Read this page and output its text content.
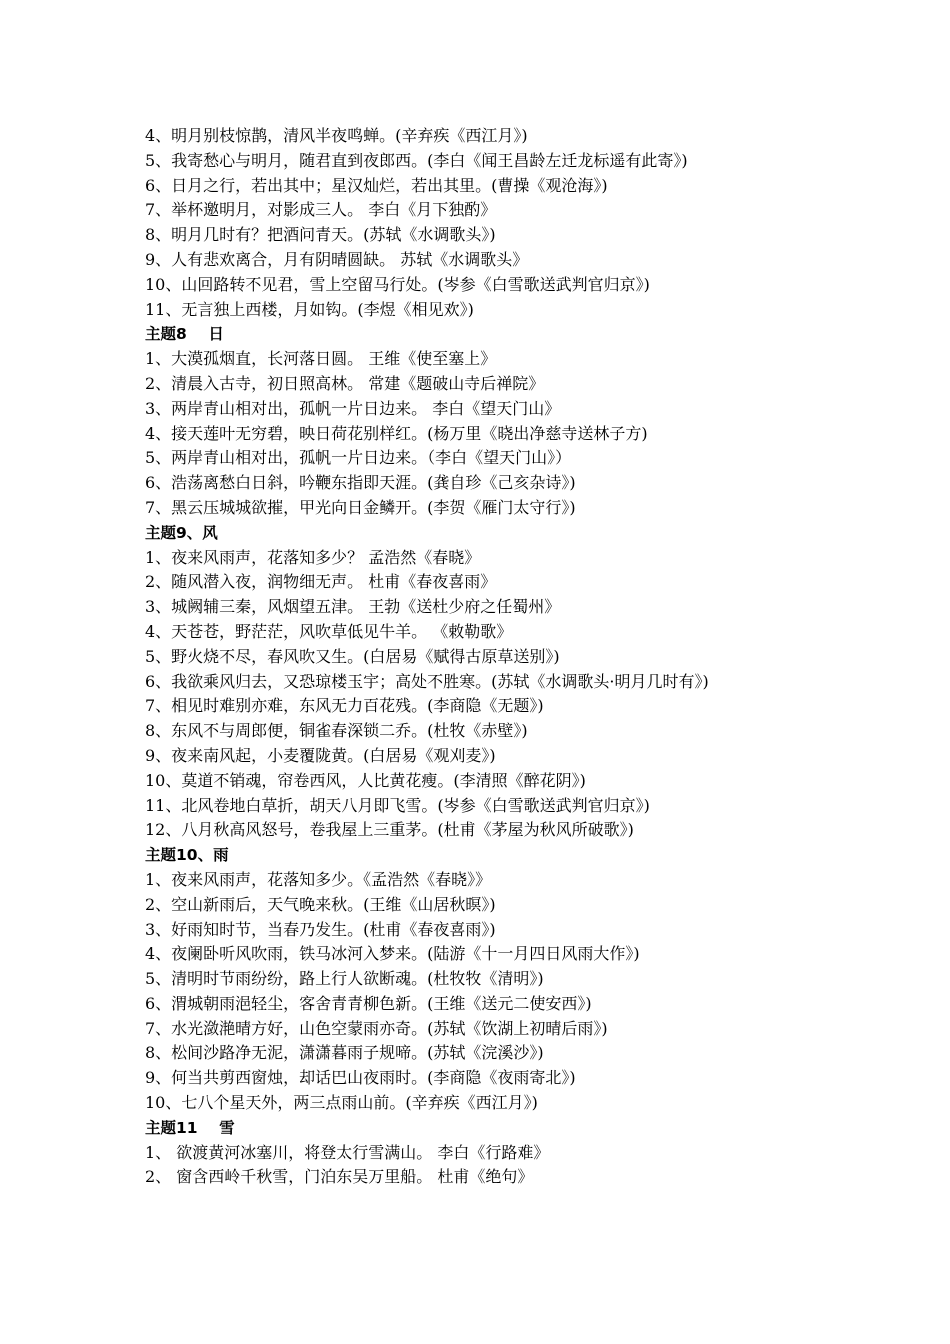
4、明月别枝惊鹊，清风半夜鸣蝉。(辛弃疾《西江月》)
5、我寄愁心与明月，随君直到夜郎西。(李白《闻王昌龄左迁龙标遥有此寄》)
6、日月之行，若出其中；星汉灿烂，若出其里。(曹操《观沧海》)
7、举杯邀明月，对影成三人。 李白《月下独酌》
8、明月几时有？把酒问青天。(苏轼《水调歌头》)
9、人有悲欢离合，月有阴晴圆缺。 苏轼《水调歌头》
10、山回路转不见君，雪上空留马行处。(岑参《白雪歌送武判官归京》)
11、无言独上西楼，月如钩。(李煜《相见欢》)
主题8    日
1、大漠孤烟直，长河落日圆。 王维《使至塞上》
2、清晨入古寺，初日照高林。 常建《题破山寺后禅院》
3、两岸青山相对出，孤帆一片日边来。 李白《望天门山》
4、接天莲叶无穷碧，映日荷花别样红。(杨万里《晓出净慈寺送林子方)
5、两岸青山相对出，孤帆一片日边来。（李白《望天门山》）
6、浩荡离愁白日斜，吟鞭东指即天涯。(龚自珍《己亥杂诗》)
7、黑云压城城欲摧，甲光向日金鳞开。(李贺《雁门太守行》)
主题9、风
1、夜来风雨声，花落知多少？ 孟浩然《春晓》
2、随风潜入夜，润物细无声。 杜甫《春夜喜雨》
3、城阙辅三秦，风烟望五津。 王勃《送杜少府之任蜀州》
4、天苍苍，野茫茫，风吹草低见牛羊。 《敕勒歌》
5、野火烧不尽，春风吹又生。(白居易《赋得古原草送别》)
6、我欲乘风归去，又恐琼楼玉宇；高处不胜寒。(苏轼《水调歌头·明月几时有》)
7、相见时难别亦难，东风无力百花残。(李商隐《无题》)
8、东风不与周郎便，铜雀春深锁二乔。(杜牧《赤壁》)
9、夜来南风起，小麦覆陇黄。(白居易《观刈麦》)
10、莫道不销魂，帘卷西风，人比黄花瘦。(李清照《醉花阴》)
11、北风卷地白草折，胡天八月即飞雪。(岑参《白雪歌送武判官归京》)
12、八月秋高风怒号，卷我屋上三重茅。(杜甫《茅屋为秋风所破歌》)
主题10、雨
1、夜来风雨声，花落知多少。《孟浩然《春晓》》
2、空山新雨后，天气晚来秋。(王维《山居秋暝》)
3、好雨知时节，当春乃发生。(杜甫《春夜喜雨》)
4、夜阑卧听风吹雨，铁马冰河入梦来。(陆游《十一月四日风雨大作》)
5、清明时节雨纷纷，路上行人欲断魂。(杜牧牧《清明》)
6、渭城朝雨浥轻尘，客舍青青柳色新。(王维《送元二使安西》)
7、水光潋滟晴方好，山色空蒙雨亦奇。(苏轼《饮湖上初晴后雨》)
8、松间沙路净无泥，潇潇暮雨子规啼。(苏轼《浣溪沙》)
9、何当共剪西窗烛，却话巴山夜雨时。(李商隐《夜雨寄北》)
10、七八个星天外，两三点雨山前。(辛弃疾《西江月》)
主题11    雪
1、 欲渡黄河冰塞川，将登太行雪满山。 李白《行路难》
2、 窗含西岭千秋雪，门泊东吴万里船。 杜甫《绝句》
